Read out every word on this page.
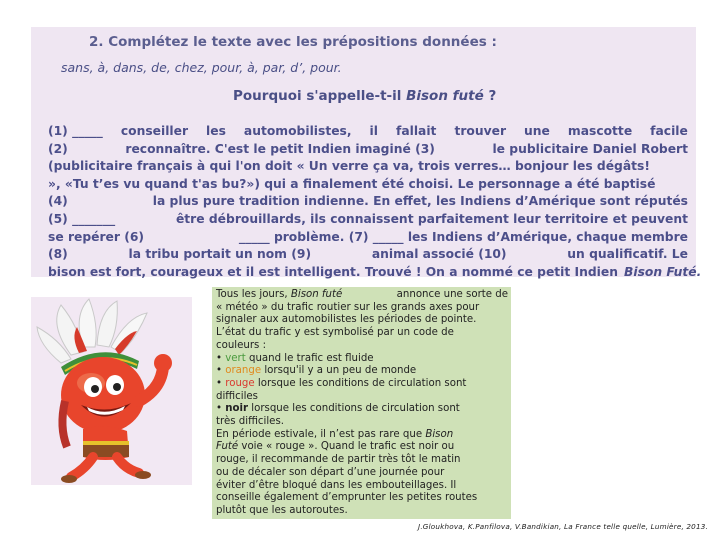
2. Complétez le texte avec les prépositions données :
sans, à, dans, de, chez, pour, à, par, d’, pour.
Pourquoi s'appelle-t-il Bison futé ?
(1) _____ conseiller les automobilistes, il fallait trouver une mascotte facile
(2)	reconnaître. C'est le petit Indien imaginé (3)	le publicitaire Daniel Robert
(publicitaire français à qui l'on doit « Un verre ça va, trois verres… bonjour les dégâts!
», «Tu t’es vu quand t'as bu?») qui a finalement été choisi. Le personnage a été baptisé
(4)	la plus pure tradition indienne. En effet, les Indiens d’Amérique sont réputés
(5) _______	être débrouillards, ils connaissent parfaitement leur territoire et peuvent
se repérer (6)	_____ problème. (7) _____ les Indiens d’Amérique, chaque membre
(8)	la tribu portait un nom (9)	animal associé (10)	un qualificatif. Le
bison est fort, courageux et il est intelligent. Trouvé ! On a nommé ce petit Indien Bison Futé.
Tous les jours, Bison futé	annonce une sorte de
« météo » du trafic routier sur les grands axes pour
signaler aux automobilistes les périodes de pointe.
L’état du trafic y est symbolisé par un code de
couleurs :
• vert quand le trafic est fluide
• orange lorsqu'il y a un peu de monde
• rouge lorsque les conditions de circulation sont
difficiles
• noir lorsque les conditions de circulation sont
très difficiles.
En période estivale, il n’est pas rare que Bison
Futé voie « rouge ». Quand le trafic est noir ou
rouge, il recommande de partir très tôt le matin
ou de décaler son départ d’une journée pour
éviter d’être bloqué dans les embouteillages. Il
conseille également d’emprunter les petites routes
plutôt que les autoroutes.
J.Gloukhova, K.Panfilova, V.Bandikian, La France telle quelle, Lumière, 2013.
